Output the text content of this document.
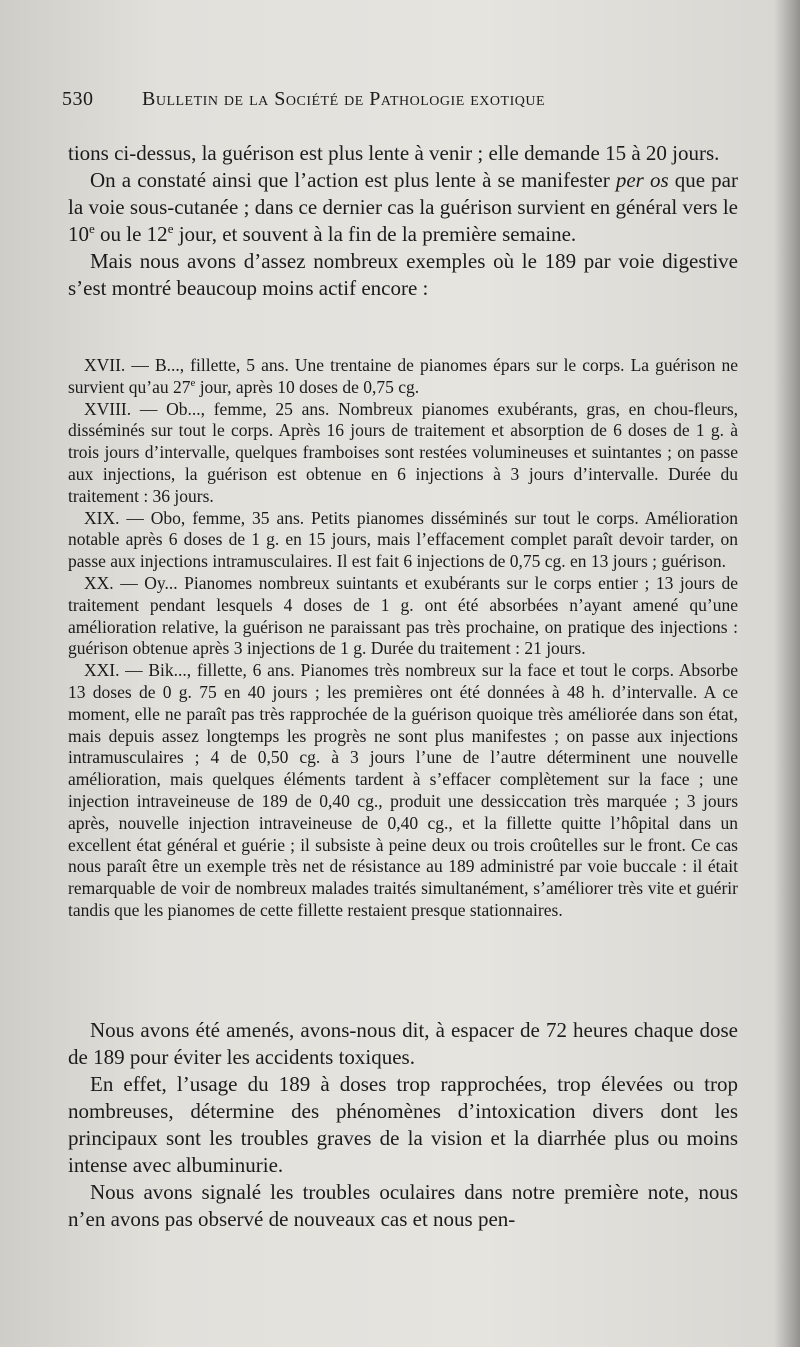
530 Bulletin de la Société de Pathologie exotique

tions ci-dessus, la guérison est plus lente à venir ; elle demande 15 à 20 jours.

On a constaté ainsi que l’action est plus lente à se manifester per os que par la voie sous-cutanée ; dans ce dernier cas la guérison survient en général vers le 10e ou le 12e jour, et souvent à la fin de la première semaine.

Mais nous avons d’assez nombreux exemples où le 189 par voie digestive s’est montré beaucoup moins actif encore :

XVII. — B..., fillette, 5 ans. Une trentaine de pianomes épars sur le corps. La guérison ne survient qu’au 27e jour, après 10 doses de 0,75 cg.

XVIII. — Ob..., femme, 25 ans. Nombreux pianomes exubérants, gras, en chou-fleurs, disséminés sur tout le corps. Après 16 jours de traitement et absorption de 6 doses de 1 g. à trois jours d’intervalle, quelques framboises sont restées volumineuses et suintantes ; on passe aux injections, la guérison est obtenue en 6 injections à 3 jours d’intervalle. Durée du traitement : 36 jours.

XIX. — Obo, femme, 35 ans. Petits pianomes disséminés sur tout le corps. Amélioration notable après 6 doses de 1 g. en 15 jours, mais l’effacement complet paraît devoir tarder, on passe aux injections intramusculaires. Il est fait 6 injections de 0,75 cg. en 13 jours ; guérison.

XX. — Oy... Pianomes nombreux suintants et exubérants sur le corps entier ; 13 jours de traitement pendant lesquels 4 doses de 1 g. ont été absorbées n’ayant amené qu’une amélioration relative, la guérison ne paraissant pas très prochaine, on pratique des injections : guérison obtenue après 3 injections de 1 g. Durée du traitement : 21 jours.

XXI. — Bik..., fillette, 6 ans. Pianomes très nombreux sur la face et tout le corps. Absorbe 13 doses de 0 g. 75 en 40 jours ; les premières ont été données à 48 h. d’intervalle. A ce moment, elle ne paraît pas très rapprochée de la guérison quoique très améliorée dans son état, mais depuis assez longtemps les progrès ne sont plus manifestes ; on passe aux injections intramusculaires ; 4 de 0,50 cg. à 3 jours l’une de l’autre déterminent une nouvelle amélioration, mais quelques éléments tardent à s’effacer complètement sur la face ; une injection intraveineuse de 189 de 0,40 cg., produit une dessiccation très marquée ; 3 jours après, nouvelle injection intraveineuse de 0,40 cg., et la fillette quitte l’hôpital dans un excellent état général et guérie ; il subsiste à peine deux ou trois croûtelles sur le front. Ce cas nous paraît être un exemple très net de résistance au 189 administré par voie buccale : il était remarquable de voir de nombreux malades traités simultanément, s’améliorer très vite et guérir tandis que les pianomes de cette fillette restaient presque stationnaires.

Nous avons été amenés, avons-nous dit, à espacer de 72 heures chaque dose de 189 pour éviter les accidents toxiques.

En effet, l’usage du 189 à doses trop rapprochées, trop élevées ou trop nombreuses, détermine des phénomènes d’intoxication divers dont les principaux sont les troubles graves de la vision et la diarrhée plus ou moins intense avec albuminurie.

Nous avons signalé les troubles oculaires dans notre première note, nous n’en avons pas observé de nouveaux cas et nous pen-
